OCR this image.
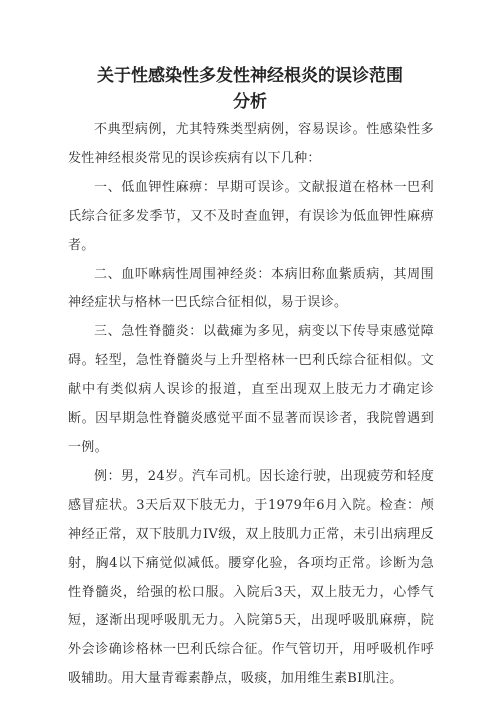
关于性感染性多发性神经根炎的误诊范围分析

不典型病例，尤其特殊类型病例，容易误诊。性感染性多发性神经根炎常见的误诊疾病有以下几种：

一、低血钾性麻痹：早期可误诊。文献报道在格林一巴利氏综合征多发季节，又不及时查血钾，有误诊为低血钾性麻痹者。

二、血吓咻病性周围神经炎：本病旧称血紫质病，其周围神经症状与格林一巴氏综合征相似，易于误诊。

三、急性脊髓炎：以截瘫为多见，病变以下传导束感觉障碍。轻型，急性脊髓炎与上升型格林一巴利氏综合征相似。文献中有类似病人误诊的报道，直至出现双上肢无力才确定诊断。因早期急性脊髓炎感觉平面不显著而误诊者，我院曾遇到一例。

例：男，24岁。汽车司机。因长途行驶，出现疲劳和轻度感冒症状。3天后双下肢无力，于1979年6月入院。检查：颅神经正常，双下肢肌力IV级，双上肢肌力正常，未引出病理反射，胸4以下痛觉似减低。腰穿化验，各项均正常。诊断为急性脊髓炎，给强的松口服。入院后3天，双上肢无力，心悸气短，逐渐出现呼吸肌无力。入院第5天，出现呼吸肌麻痹，院外会诊确诊格林一巴利氏综合征。作气管切开，用呼吸机作呼吸辅助。用大量青霉素静点，吸痰，加用维生素BI肌注。
